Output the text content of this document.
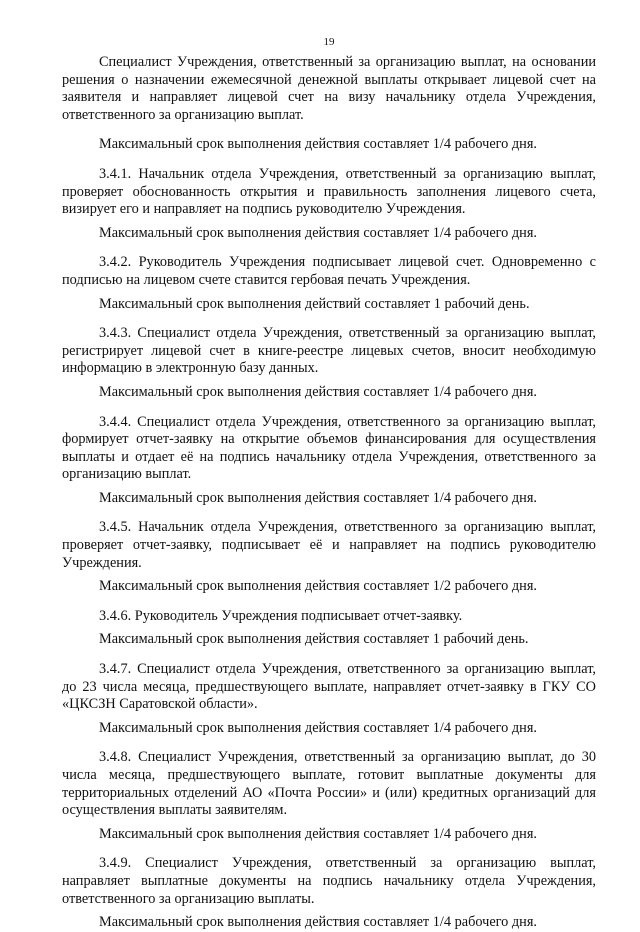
19

Специалист Учреждения, ответственный за организацию выплат, на основании решения о назначении ежемесячной денежной выплаты открывает лицевой счет на заявителя и направляет лицевой счет на визу начальнику отдела Учреждения, ответственного за организацию выплат.

Максимальный срок выполнения действия составляет 1/4 рабочего дня.

3.4.1. Начальник отдела Учреждения, ответственный за организацию выплат, проверяет обоснованность открытия и правильность заполнения лицевого счета, визирует его и направляет на подпись руководителю Учреждения.

Максимальный срок выполнения действия составляет 1/4 рабочего дня.

3.4.2. Руководитель Учреждения подписывает лицевой счет. Одновременно с подписью на лицевом счете ставится гербовая печать Учреждения.

Максимальный срок выполнения действий составляет 1 рабочий день.

3.4.3. Специалист отдела Учреждения, ответственный за организацию выплат, регистрирует лицевой счет в книге-реестре лицевых счетов, вносит необходимую информацию в электронную базу данных.

Максимальный срок выполнения действия составляет 1/4 рабочего дня.

3.4.4. Специалист отдела Учреждения, ответственного за организацию выплат, формирует отчет-заявку на открытие объемов финансирования для осуществления выплаты и отдает её на подпись начальнику отдела Учреждения, ответственного за организацию выплат.

Максимальный срок выполнения действия составляет 1/4 рабочего дня.

3.4.5. Начальник отдела Учреждения, ответственного за организацию выплат, проверяет отчет-заявку, подписывает её и направляет на подпись руководителю Учреждения.

Максимальный срок выполнения действия составляет 1/2 рабочего дня.

3.4.6. Руководитель Учреждения подписывает отчет-заявку.

Максимальный срок выполнения действия составляет 1 рабочий день.

3.4.7. Специалист отдела Учреждения, ответственного за организацию выплат, до 23 числа месяца, предшествующего выплате, направляет отчет-заявку в ГКУ СО «ЦКСЗН Саратовской области».

Максимальный срок выполнения действия составляет 1/4 рабочего дня.

3.4.8. Специалист Учреждения, ответственный за организацию выплат, до 30 числа месяца, предшествующего выплате, готовит выплатные документы для территориальных отделений АО «Почта России» и (или) кредитных организаций для осуществления выплаты заявителям.

Максимальный срок выполнения действия составляет 1/4 рабочего дня.

3.4.9. Специалист Учреждения, ответственный за организацию выплат, направляет выплатные документы на подпись начальнику отдела Учреждения, ответственного за организацию выплаты.

Максимальный срок выполнения действия составляет 1/4 рабочего дня.
